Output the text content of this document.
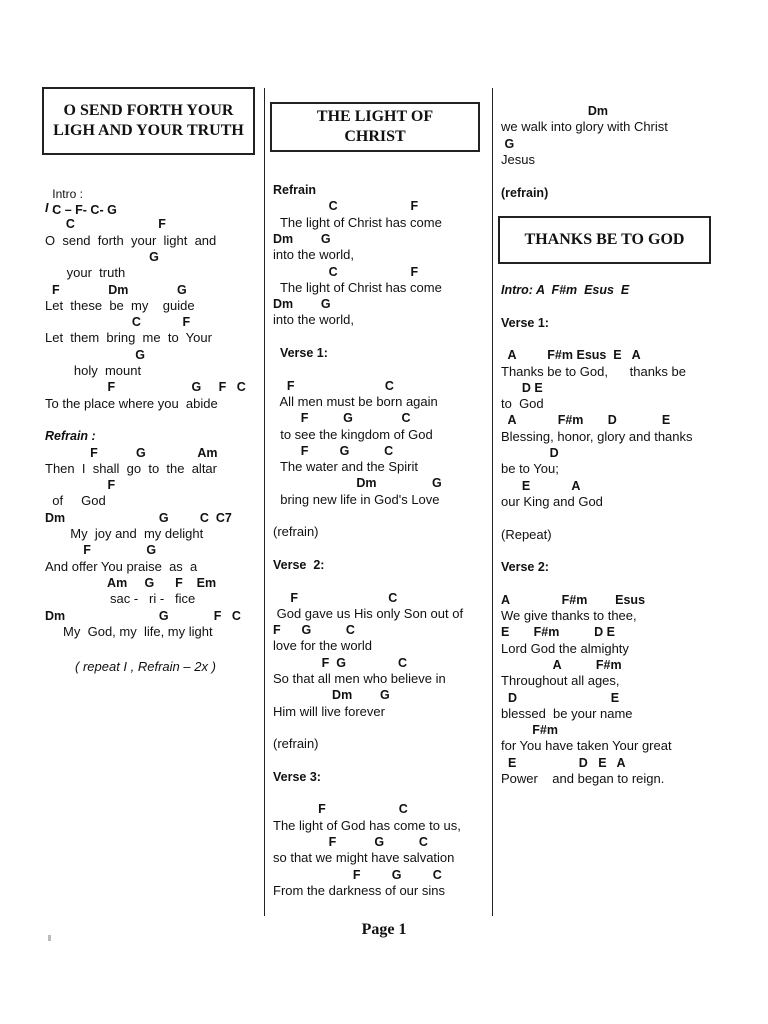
O SEND FORTH YOUR LIGH AND YOUR TRUTH

Intro :
C – F- C- G

I :
C                        F
O  send  forth  your  light  and
G
your  truth
F              Dm              G
Let  these  be  my    guide
C            F
Let  them  bring  me  to  Your
G
holy  mount
F                      G     F   C
To the place where you  abide
Refrain :
F           G               Am
Then  I  shall  go  to  the  altar
F
of     God
Dm                           G         C  C7
My  joy and  my delight
F                G
And offer You praise  as  a
Am     G      F    Em
sac -   ri -   fice
Dm                           G             F   C
My  God, my  life, my light
( repeat I , Refrain – 2x )
THE LIGHT OF CHRIST
Refrain
C                     F
The light of Christ has come
Dm        G
into the world,
C                     F
The light of Christ has come
Dm        G
into the world,
Verse 1:
F                          C
All men must be born again
F          G              C
to see the kingdom of God
F         G          C
The water and the Spirit
Dm                G
bring new life in God's Love
(refrain)
Verse  2:
F                          C
God gave us His only Son out of
F      G          C
love for the world
F  G               C
So that all men who believe in
Dm        G
Him will live forever
(refrain)
Verse 3:
F                     C
The light of God has come to us,
F           G          C
so that we might have salvation
F         G         C
From the darkness of our sins
Dm
we walk into glory with Christ
G
Jesus
(refrain)
THANKS BE TO GOD
Intro: A  F#m  Esus  E
Verse 1:
A         F#m Esus  E   A
Thanks be to God,      thanks be
D E
to  God
A            F#m       D             E
Blessing, honor, glory and thanks
D
be to You;
E            A
our King and God
(Repeat)
Verse 2:
A               F#m        Esus
We give thanks to thee,
E       F#m          D E
Lord God the almighty
A          F#m
Throughout all ages,
D                           E
blessed  be your name
F#m
for You have taken Your great
E                  D   E   A
Power    and began to reign.
Page 1
